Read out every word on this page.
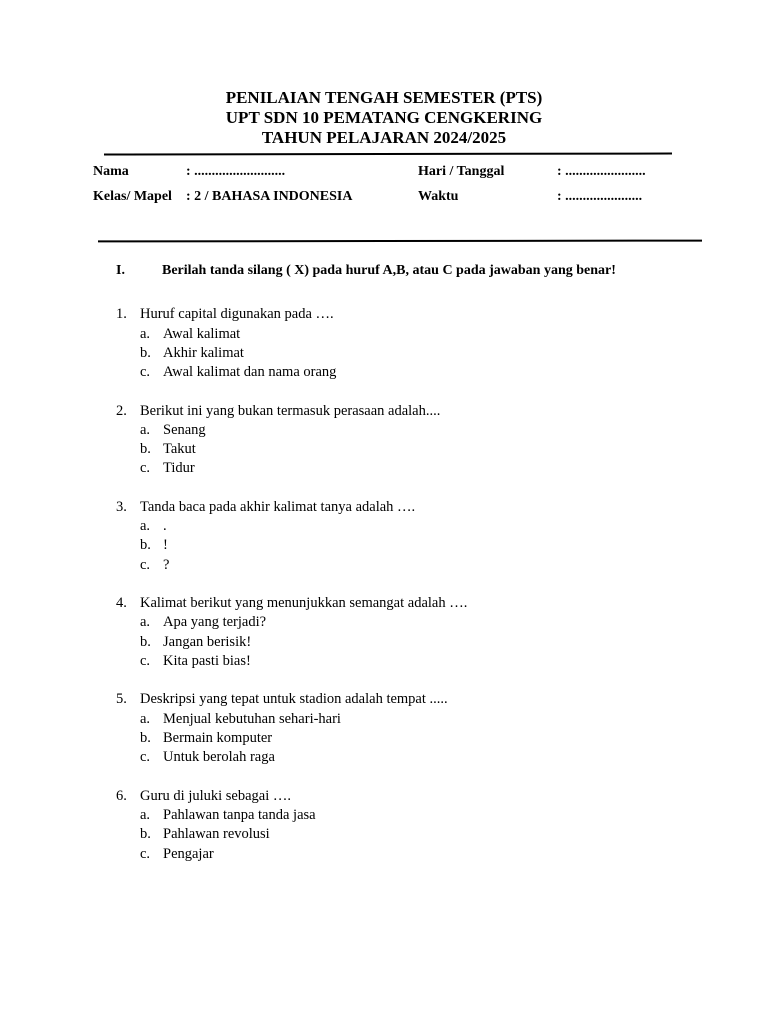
PENILAIAN TENGAH SEMESTER (PTS)
UPT SDN 10 PEMATANG CENGKERING
TAHUN PELAJARAN 2024/2025
Nama	: ..........................	Hari / Tanggal	: .......................
Kelas/ Mapel : 2 / BAHASA INDONESIA	Waktu	: ......................
I.	Berilah tanda silang ( X) pada huruf A,B, atau C pada jawaban yang benar!
1. Huruf capital digunakan pada ….
a. Awal kalimat
b. Akhir kalimat
c. Awal kalimat dan nama orang
2. Berikut ini yang bukan termasuk perasaan adalah....
a. Senang
b. Takut
c. Tidur
3. Tanda baca pada akhir kalimat tanya adalah ….
a. .
b. !
c. ?
4. Kalimat berikut yang menunjukkan semangat adalah ….
a. Apa yang terjadi?
b. Jangan berisik!
c. Kita pasti bias!
5. Deskripsi yang tepat untuk stadion adalah tempat .....
a. Menjual kebutuhan sehari-hari
b. Bermain komputer
c. Untuk berolah raga
6. Guru di juluki sebagai ….
a. Pahlawan tanpa tanda jasa
b. Pahlawan revolusi
c. Pengajar
